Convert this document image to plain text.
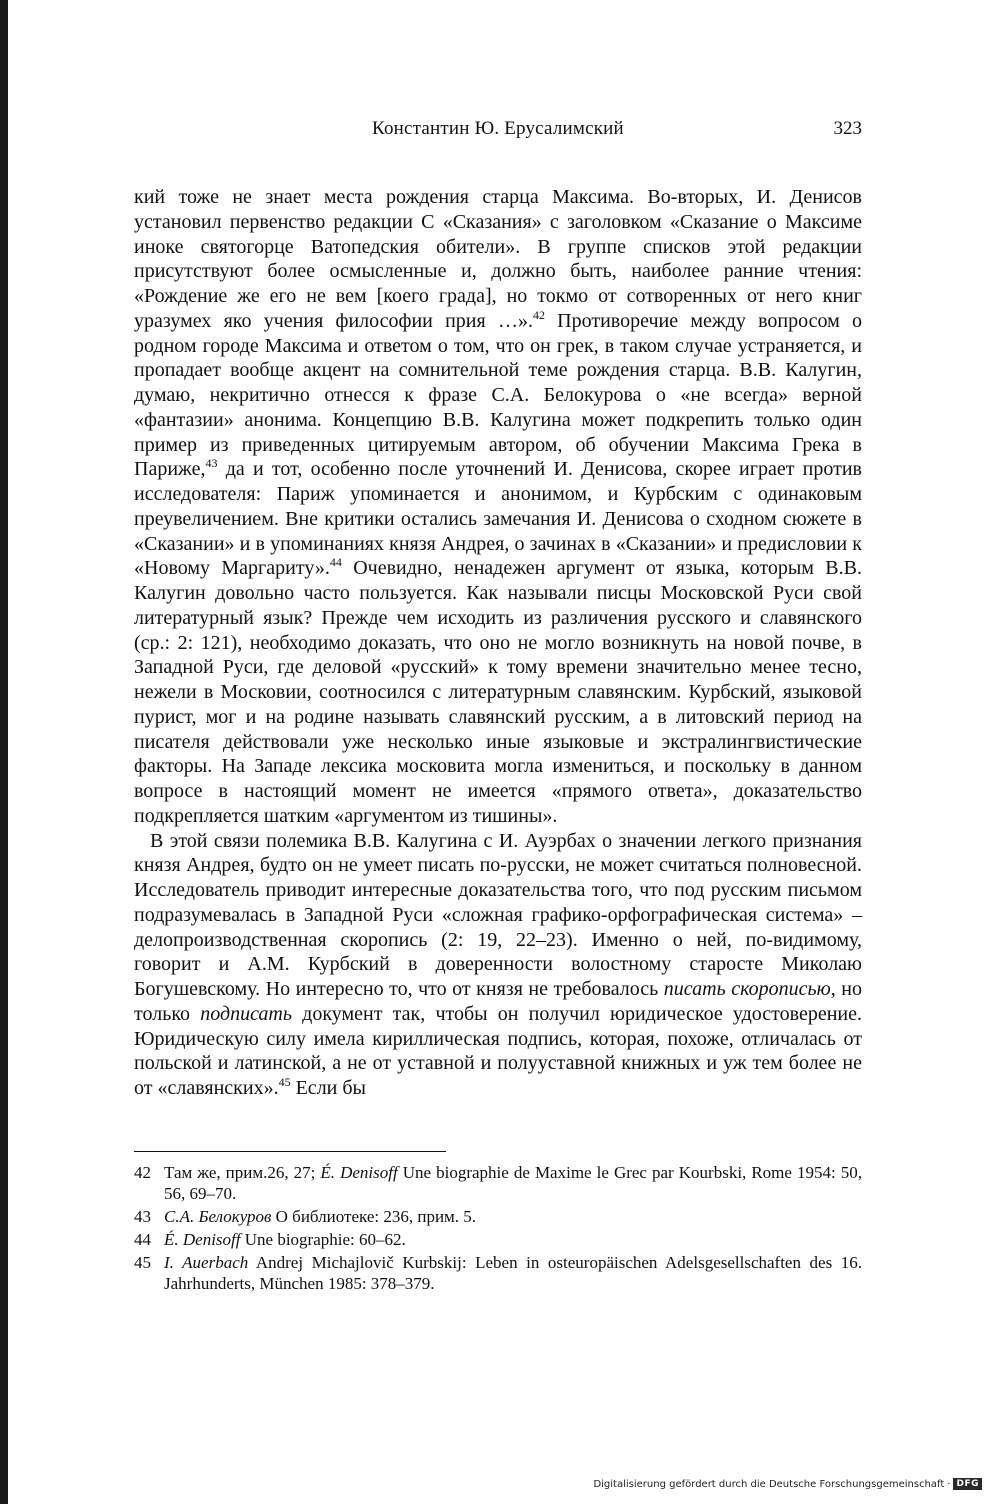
Константин Ю. Ерусалимский	323

кий тоже не знает места рождения старца Максима. Во-вторых, И. Денисов установил первенство редакции С «Сказания» с заголовком «Сказание о Максиме иноке святогорце Ватопедския обители». В группе списков этой редакции присутствуют более осмысленные и, должно быть, наиболее ранние чтения: «Рождение же его не вем [коего града], но токмо от сотворенных от него книг уразумех яко учения философии прия …».$^{42}$ Противоречие между вопросом о родном городе Максима и ответом о том, что он грек, в таком случае устраняется, и пропадает вообще акцент на сомнительной теме рождения старца. В.В. Калугин, думаю, некритично отнесся к фразе С.А. Белокурова о «не всегда» верной «фантазии» анонима. Концепцию В.В. Калугина может подкрепить только один пример из приведенных цитируемым автором, об обучении Максима Грека в Париже,$^{43}$ да и тот, особенно после уточнений И. Денисова, скорее играет против исследователя: Париж упоминается и анонимом, и Курбским с одинаковым преувеличением. Вне критики остались замечания И. Денисова о сходном сюжете в «Сказании» и в упоминаниях князя Андрея, о зачинах в «Сказании» и предисловии к «Новому Маргариту».$^{44}$ Очевидно, ненадежен аргумент от языка, которым В.В. Калугин довольно часто пользуется. Как называли писцы Московской Руси свой литературный язык? Прежде чем исходить из различения русского и славянского (ср.: 2: 121), необходимо доказать, что оно не могло возникнуть на новой почве, в Западной Руси, где деловой «русский» к тому времени значительно менее тесно, нежели в Московии, соотносился с литературным славянским. Курбский, языковой пурист, мог и на родине называть славянский русским, а в литовский период на писателя действовали уже несколько иные языковые и экстралингвистические факторы. На Западе лексика московита могла измениться, и поскольку в данном вопросе в настоящий момент не имеется «прямого ответа», доказательство подкрепляется шатким «аргументом из тишины».

В этой связи полемика В.В. Калугина с И. Ауэрбах о значении легкого признания князя Андрея, будто он не умеет писать по-русски, не может считаться полновесной. Исследователь приводит интересные доказательства того, что под русским письмом подразумевалась в Западной Руси «сложная графико-орфографическая система» – делопроизводственная скоропись (2: 19, 22–23). Именно о ней, по-видимому, говорит и А.М. Курбский в доверенности волостному старосте Миколаю Богушевскому. Но интересно то, что от князя не требовалось писать скорописью, но только подписать документ так, чтобы он получил юридическое удостоверение. Юридическую силу имела кириллическая подпись, которая, похоже, отличалась от польской и латинской, а не от уставной и полууставной книжных и уж тем более не от «славянских».$^{45}$ Если бы

42 Там же, прим.26, 27; É. Denisoff Une biographie de Maxime le Grec par Kourbski, Rome 1954: 50, 56, 69–70.
43 С.А. Белокуров О библиотеке: 236, прим. 5.
44 É. Denisoff Une biographie: 60–62.
45 I. Auerbach Andrej Michajlovič Kurbskij: Leben in osteuropäischen Adelsgesellschaften des 16. Jahrhunderts, München 1985: 378–379.
Digitalisierung gefördert durch die Deutsche Forschungsgemeinschaft · DFG
